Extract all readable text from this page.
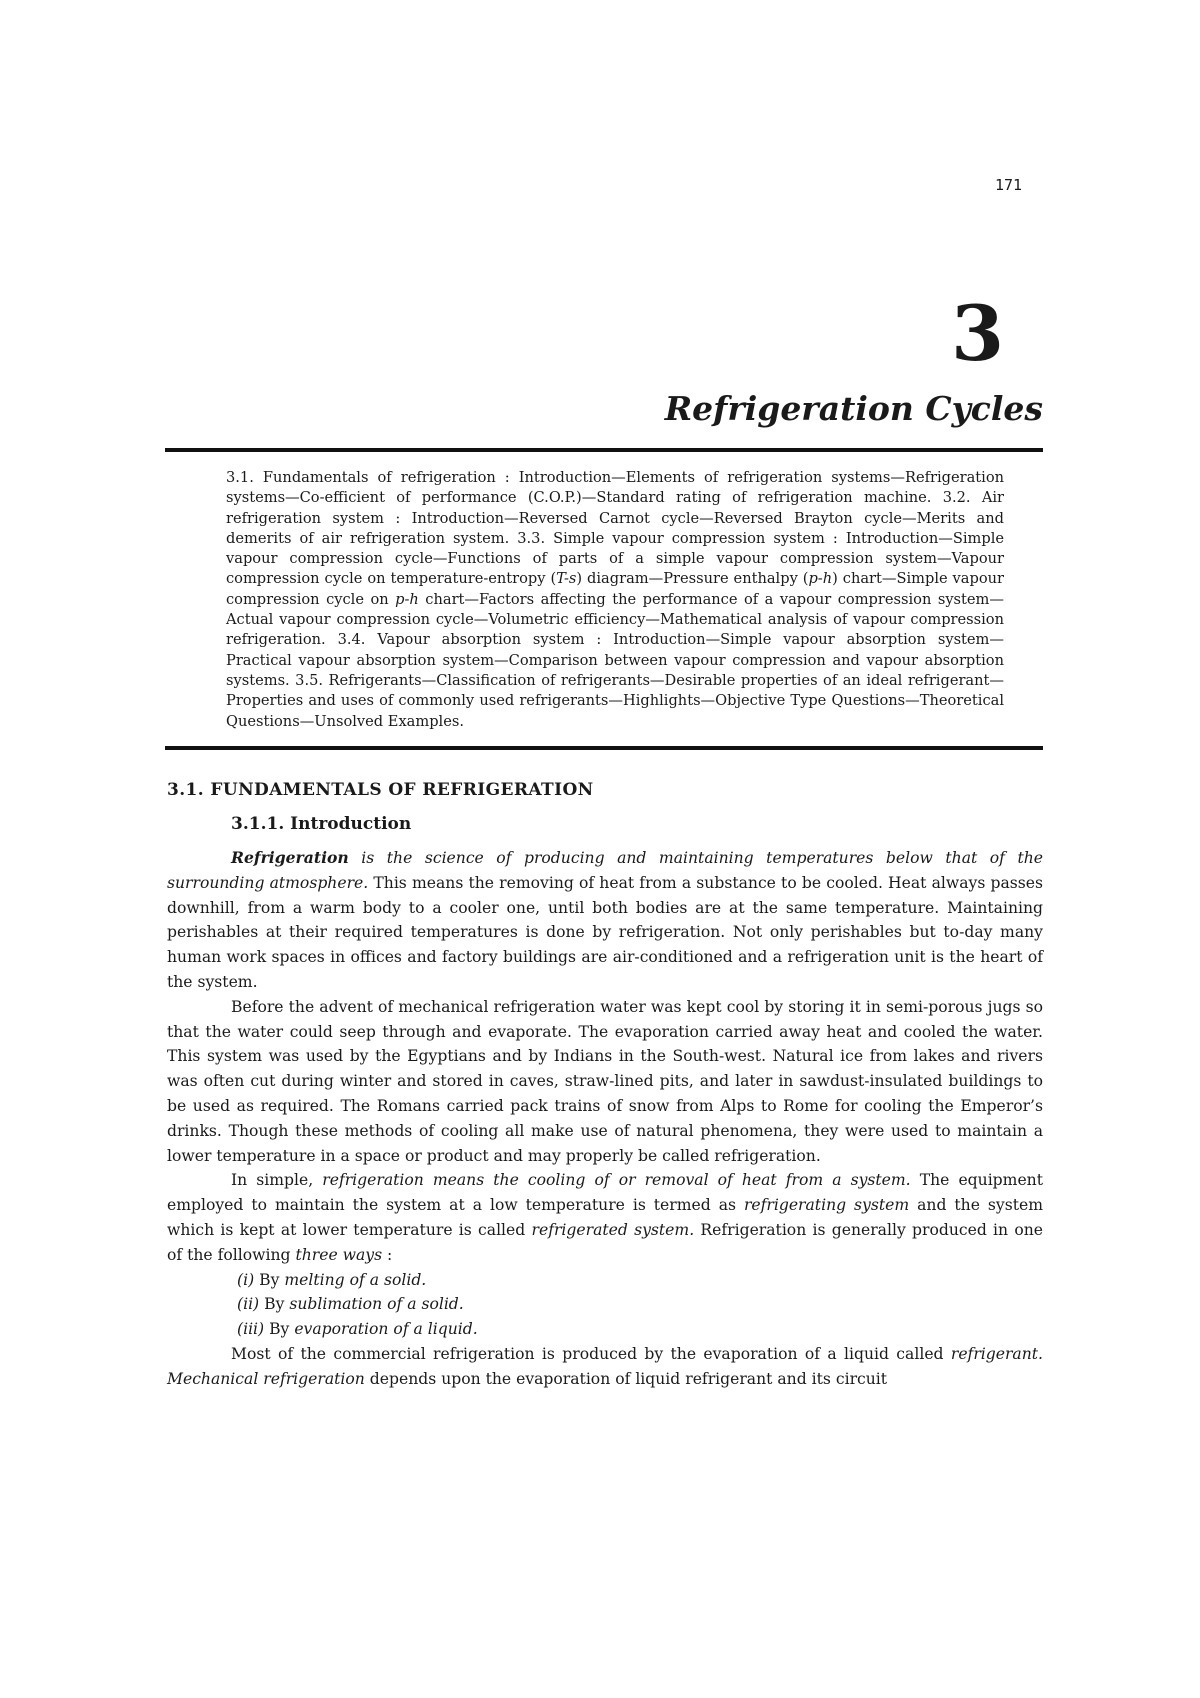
171
3
Refrigeration Cycles
3.1. Fundamentals of refrigeration : Introduction—Elements of refrigeration systems—Refrigeration systems—Co-efficient of performance (C.O.P.)—Standard rating of refrigeration machine. 3.2. Air refrigeration system : Introduction—Reversed Carnot cycle—Reversed Brayton cycle—Merits and demerits of air refrigeration system. 3.3. Simple vapour compression system : Introduction—Simple vapour compression cycle—Functions of parts of a simple vapour compression system—Vapour compression cycle on temperature-entropy (T-s) diagram—Pressure enthalpy (p-h) chart—Simple vapour compression cycle on p-h chart—Factors affecting the performance of a vapour compression system—Actual vapour compression cycle—Volumetric efficiency—Mathematical analysis of vapour compression refrigeration. 3.4. Vapour absorption system : Introduction—Simple vapour absorption system—Practical vapour absorption system—Comparison between vapour compression and vapour absorption systems. 3.5. Refrigerants—Classification of refrigerants—Desirable properties of an ideal refrigerant—Properties and uses of commonly used refrigerants—Highlights—Objective Type Questions—Theoretical Questions—Unsolved Examples.
3.1. FUNDAMENTALS OF REFRIGERATION
3.1.1. Introduction

Refrigeration is the science of producing and maintaining temperatures below that of the surrounding atmosphere. This means the removing of heat from a substance to be cooled. Heat always passes downhill, from a warm body to a cooler one, until both bodies are at the same temperature. Maintaining perishables at their required temperatures is done by refrigeration. Not only perishables but to-day many human work spaces in offices and factory buildings are air-conditioned and a refrigeration unit is the heart of the system.

Before the advent of mechanical refrigeration water was kept cool by storing it in semi-porous jugs so that the water could seep through and evaporate. The evaporation carried away heat and cooled the water. This system was used by the Egyptians and by Indians in the South-west. Natural ice from lakes and rivers was often cut during winter and stored in caves, straw-lined pits, and later in sawdust-insulated buildings to be used as required. The Romans carried pack trains of snow from Alps to Rome for cooling the Emperor’s drinks. Though these methods of cooling all make use of natural phenomena, they were used to maintain a lower temperature in a space or product and may properly be called refrigeration.

In simple, refrigeration means the cooling of or removal of heat from a system. The equipment employed to maintain the system at a low temperature is termed as refrigerating system and the system which is kept at lower temperature is called refrigerated system. Refrigeration is generally produced in one of the following three ways :

(i) By melting of a solid.

(ii) By sublimation of a solid.

(iii) By evaporation of a liquid.

Most of the commercial refrigeration is produced by the evaporation of a liquid called refrigerant. Mechanical refrigeration depends upon the evaporation of liquid refrigerant and its circuit
